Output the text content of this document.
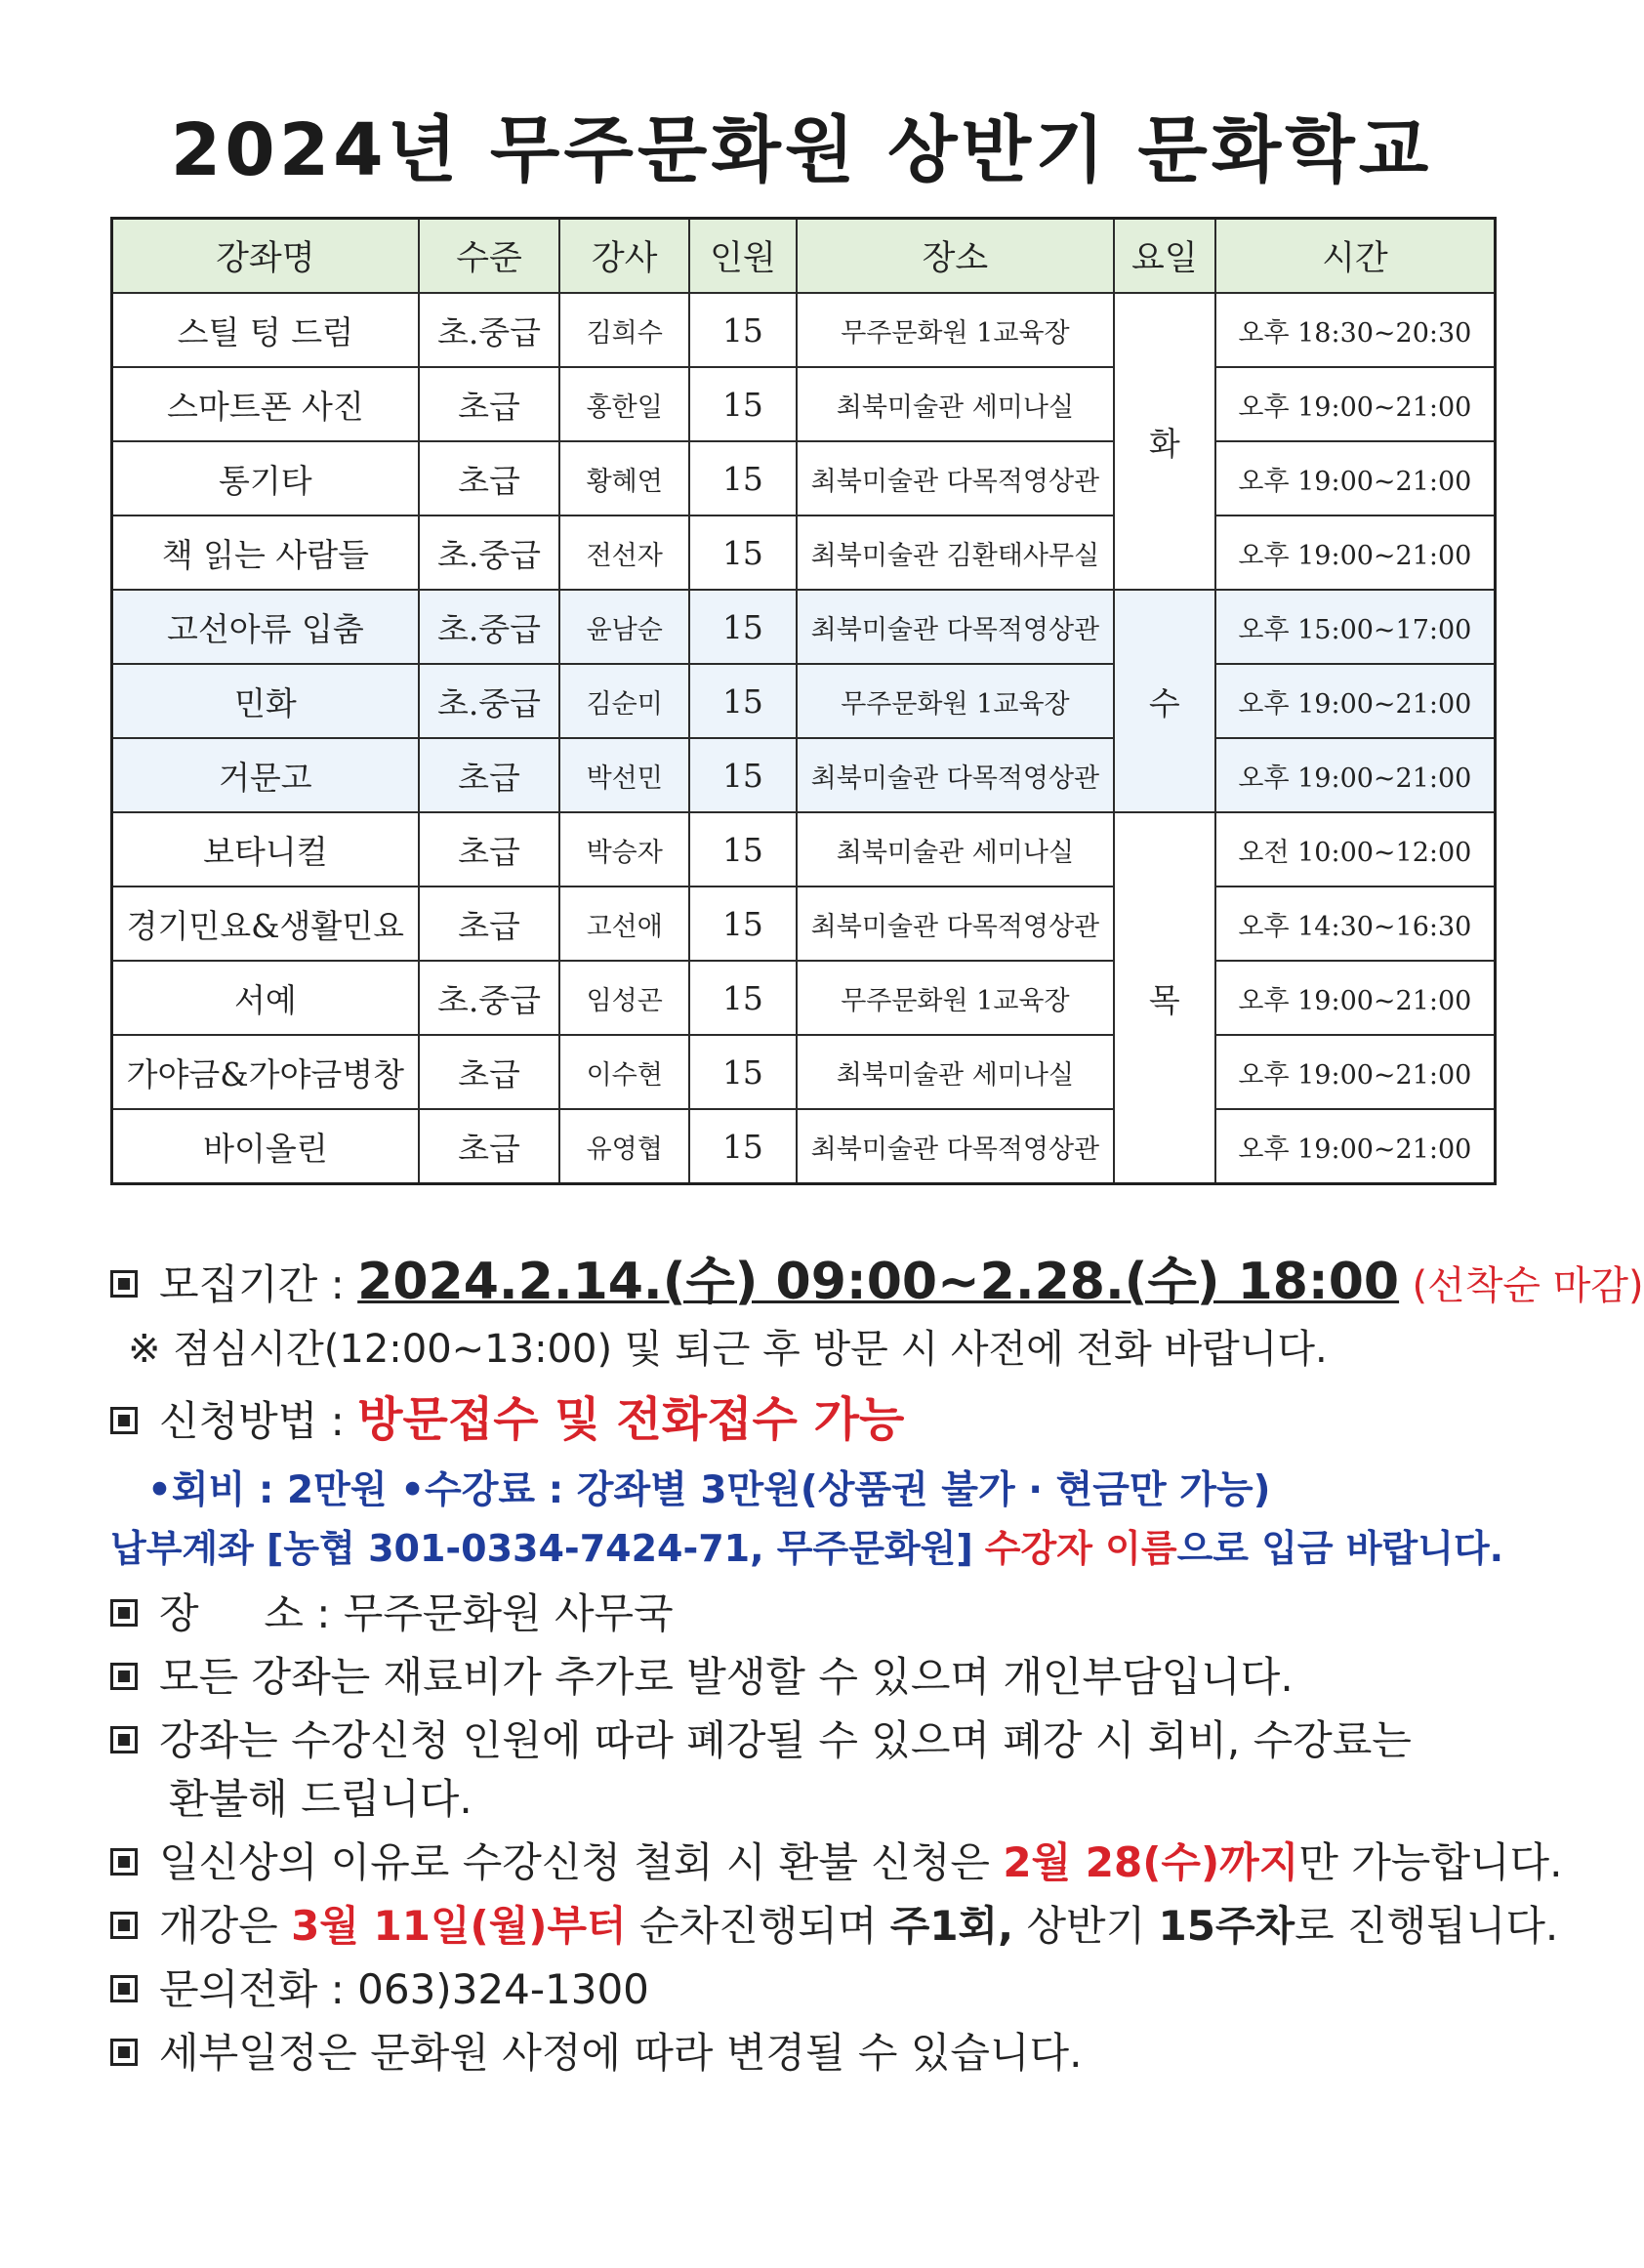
2024년 무주문화원 상반기 문화학교
강좌명	수준	강사	인원	장소	요일	시간
스틸 텅 드럼	초.중급	김희수	15	무주문화원 1교육장	화	오후 18:30~20:30
스마트폰 사진	초급	홍한일	15	최북미술관 세미나실		오후 19:00~21:00
통기타	초급	황혜연	15	최북미술관 다목적영상관		오후 19:00~21:00
책 읽는 사람들	초.중급	전선자	15	최북미술관 김환태사무실		오후 19:00~21:00
고선아류 입춤	초.중급	윤남순	15	최북미술관 다목적영상관	수	오후 15:00~17:00
민화	초.중급	김순미	15	무주문화원 1교육장		오후 19:00~21:00
거문고	초급	박선민	15	최북미술관 다목적영상관		오후 19:00~21:00
보타니컬	초급	박승자	15	최북미술관 세미나실	목	오전 10:00~12:00
경기민요&생활민요	초급	고선애	15	최북미술관 다목적영상관		오후 14:30~16:30
서예	초.중급	임성곤	15	무주문화원 1교육장		오후 19:00~21:00
가야금&가야금병창	초급	이수현	15	최북미술관 세미나실		오후 19:00~21:00
바이올린	초급	유영협	15	최북미술관 다목적영상관		오후 19:00~21:00
모집기간 : 2024.2.14.(수) 09:00~2.28.(수) 18:00 (선착순 마감)
※ 점심시간(12:00~13:00) 및 퇴근 후 방문 시 사전에 전화 바랍니다.
신청방법 : 방문접수 및 전화접수 가능
•회비 : 2만원 •수강료 : 강좌별 3만원(상품권 불가 · 현금만 가능)
납부계좌 [농협 301-0334-7424-71, 무주문화원] 수강자 이름으로 입금 바랍니다.
장     소 : 무주문화원 사무국
모든 강좌는 재료비가 추가로 발생할 수 있으며 개인부담입니다.
강좌는 수강신청 인원에 따라 폐강될 수 있으며 폐강 시 회비, 수강료는
환불해 드립니다.
일신상의 이유로 수강신청 철회 시 환불 신청은 2월 28(수)까지만 가능합니다.
개강은 3월 11일(월)부터 순차진행되며 주1회, 상반기 15주차로 진행됩니다.
문의전화 : 063)324-1300
세부일정은 문화원 사정에 따라 변경될 수 있습니다.
